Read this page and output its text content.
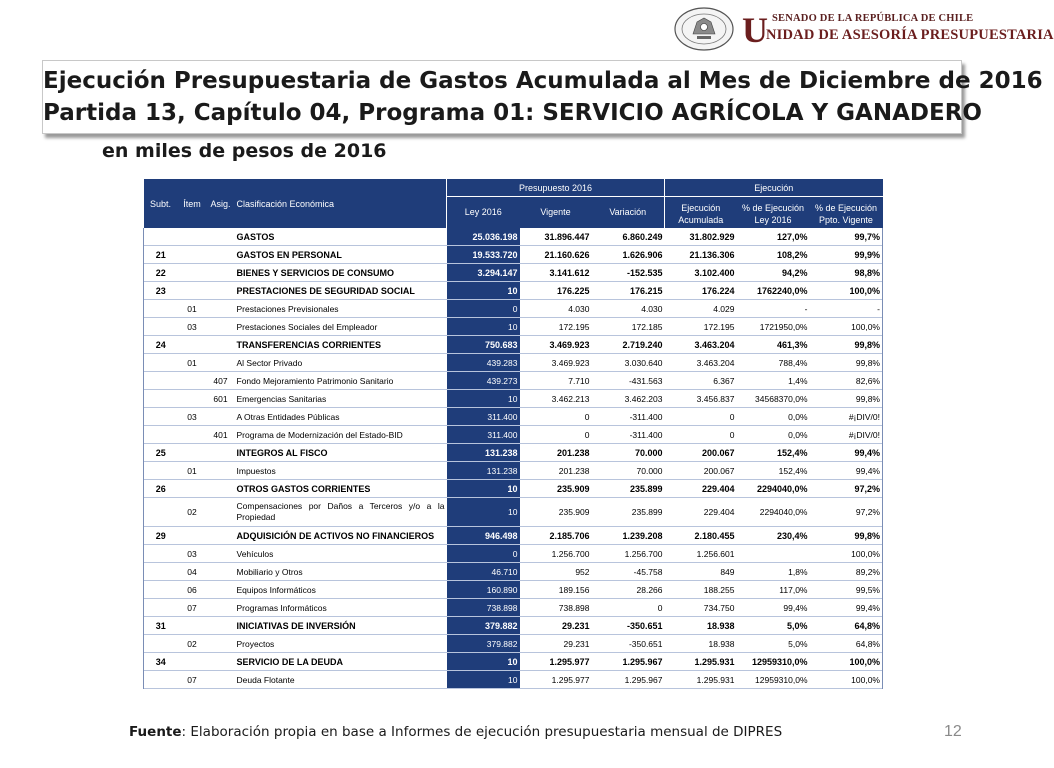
U SENADO DE LA REPÚBLICA DE CHILE
NIDAD DE ASESORÍA PRESUPUESTARIA
Ejecución Presupuestaria de Gastos Acumulada al Mes de Diciembre de 2016
Partida 13, Capítulo 04, Programa 01: SERVICIO AGRÍCOLA Y GANADERO
en miles de pesos de 2016
Subt.	Ítem	Asig.	Clasificación Económica	Presupuesto 2016			Ejecución		
				Ley 2016	Vigente	Variación	Ejecución Acumulada	% de Ejecución Ley 2016	% de Ejecución Ppto. Vigente
			GASTOS	25.036.198	31.896.447	6.860.249	31.802.929	127,0%	99,7%
21			GASTOS EN PERSONAL	19.533.720	21.160.626	1.626.906	21.136.306	108,2%	99,9%
22			BIENES Y SERVICIOS DE CONSUMO	3.294.147	3.141.612	-152.535	3.102.400	94,2%	98,8%
23			PRESTACIONES DE SEGURIDAD SOCIAL	10	176.225	176.215	176.224	1762240,0%	100,0%
	01		Prestaciones Previsionales	0	4.030	4.030	4.029	-	-
	03		Prestaciones Sociales del Empleador	10	172.195	172.185	172.195	1721950,0%	100,0%
24			TRANSFERENCIAS CORRIENTES	750.683	3.469.923	2.719.240	3.463.204	461,3%	99,8%
	01		Al Sector Privado	439.283	3.469.923	3.030.640	3.463.204	788,4%	99,8%
		407	Fondo Mejoramiento Patrimonio Sanitario	439.273	7.710	-431.563	6.367	1,4%	82,6%
		601	Emergencias Sanitarias	10	3.462.213	3.462.203	3.456.837	34568370,0%	99,8%
	03		A Otras Entidades Públicas	311.400	0	-311.400	0	0,0%	#¡DIV/0!
		401	Programa de Modernización del Estado-BID	311.400	0	-311.400	0	0,0%	#¡DIV/0!
25			INTEGROS AL FISCO	131.238	201.238	70.000	200.067	152,4%	99,4%
	01		Impuestos	131.238	201.238	70.000	200.067	152,4%	99,4%
26			OTROS GASTOS CORRIENTES	10	235.909	235.899	229.404	2294040,0%	97,2%
	02		Compensaciones por Daños a Terceros y/o a la Propiedad	10	235.909	235.899	229.404	2294040,0%	97,2%
29			ADQUISICIÓN DE ACTIVOS NO FINANCIEROS	946.498	2.185.706	1.239.208	2.180.455	230,4%	99,8%
	03		Vehículos	0	1.256.700	1.256.700	1.256.601		100,0%
	04		Mobiliario y Otros	46.710	952	-45.758	849	1,8%	89,2%
	06		Equipos Informáticos	160.890	189.156	28.266	188.255	117,0%	99,5%
	07		Programas Informáticos	738.898	738.898	0	734.750	99,4%	99,4%
31			INICIATIVAS DE INVERSIÓN	379.882	29.231	-350.651	18.938	5,0%	64,8%
	02		Proyectos	379.882	29.231	-350.651	18.938	5,0%	64,8%
34			SERVICIO DE LA DEUDA	10	1.295.977	1.295.967	1.295.931	12959310,0%	100,0%
	07		Deuda Flotante	10	1.295.977	1.295.967	1.295.931	12959310,0%	100,0%
Fuente: Elaboración propia en base a Informes de ejecución presupuestaria mensual de DIPRES	12
